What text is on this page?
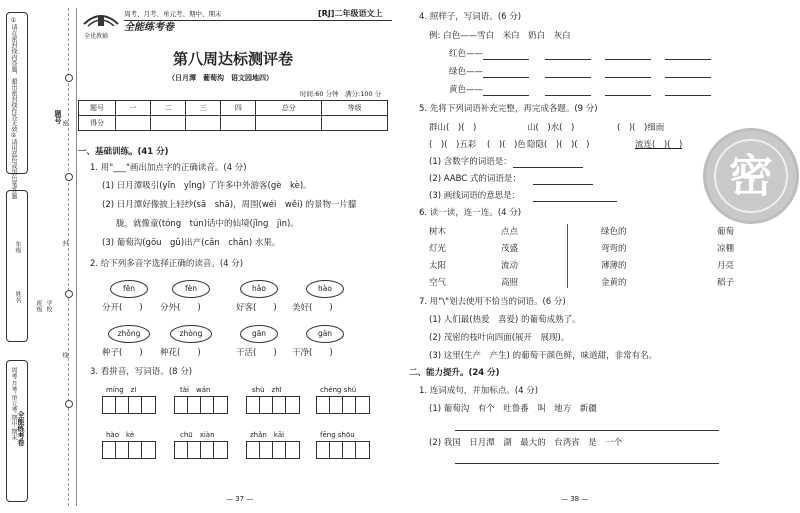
①请在密封线内答题，超出密封线作答无效②请用蓝色或黑色笔答题	题号
年级
姓名
学校
班级
密
封
线
周考 月考 单元考 期中 期末 全能练考卷
全优教辅
周考、月考、单元考、期中、期末	[RJ]二年级语文上
全能练考卷
第八周达标测评卷
（日月潭　葡萄沟　语文园地四）
时间:60 分钟　满分:100 分
题号	一	二	三	四	总分	等级
得分						
一、基础训练。(41 分)
1. 用"___"画出加点字的正确读音。(4 分)
(1) 日月潭吸引(yǐn　yǐng) 了许多中外游客(gè　kè)。
(2) 日月潭好像披上轻纱(sā　shā)，周围(wéi　wěi) 的景物一片朦
胧，就像童(tóng　tún)话中的仙境(jǐng　jìn)。
(3) 葡萄沟(gōu　gǔ)出产(cǎn　chǎn) 水果。
2. 给下列多音字选择正确的读音。(4 分)
fēn	fèn	hǎo	hào
分开(　　) 分外(　　)	好客(　　) 美好(　　)
zhǒng	zhòng	gān	gàn
种子(　　) 种花(　　)	干活(　　) 干净(　　)
3. 看拼音，写词语。(8 分)
míng　zi	tài　wán	shù　zhī	chéng shú
hào　kè	chū　xiàn	zhǎn　kāi	fēng shōu
— 37 —
4. 照样子，写词语。(6 分)
例: 白色——雪白　米白　奶白　灰白
红色——
绿色——
黄色——
5. 先将下列词语补充完整，再完成各题。(9 分)
群山(　)(　)	山(　)水(　)	(　)(　)细雨
(　)(　)五彩 (　)(　)色 隐隐(　)(　)(　)	流连(　)(　)
(1) 含数字的词语是：
(2) AABC 式的词语是：
(3) 画线词语的意思是：	密
6. 读一读，连一连。(4 分)
树木
灯光
太阳
空气
点点
茂盛
流动
高照
绿色的
弯弯的
薄薄的
金黄的
葡萄
凉棚
月亮
稻子
7. 用"\"划去使用不恰当的词语。(6 分)
(1) 人们最(热爱　喜爱) 的葡萄成熟了。
(2) 茂密的枝叶向四面(展开　展现)。
(3) 这里(生产　产生) 的葡萄干颜色鲜，味道甜，非常有名。
二、能力提升。(24 分)
1. 连词成句，并加标点。(4 分)
(1) 葡萄沟　有个　吐鲁番　叫　地方　新疆
(2) 我国　日月潭　湖　最大的　台湾省　是　一个
— 38 —
